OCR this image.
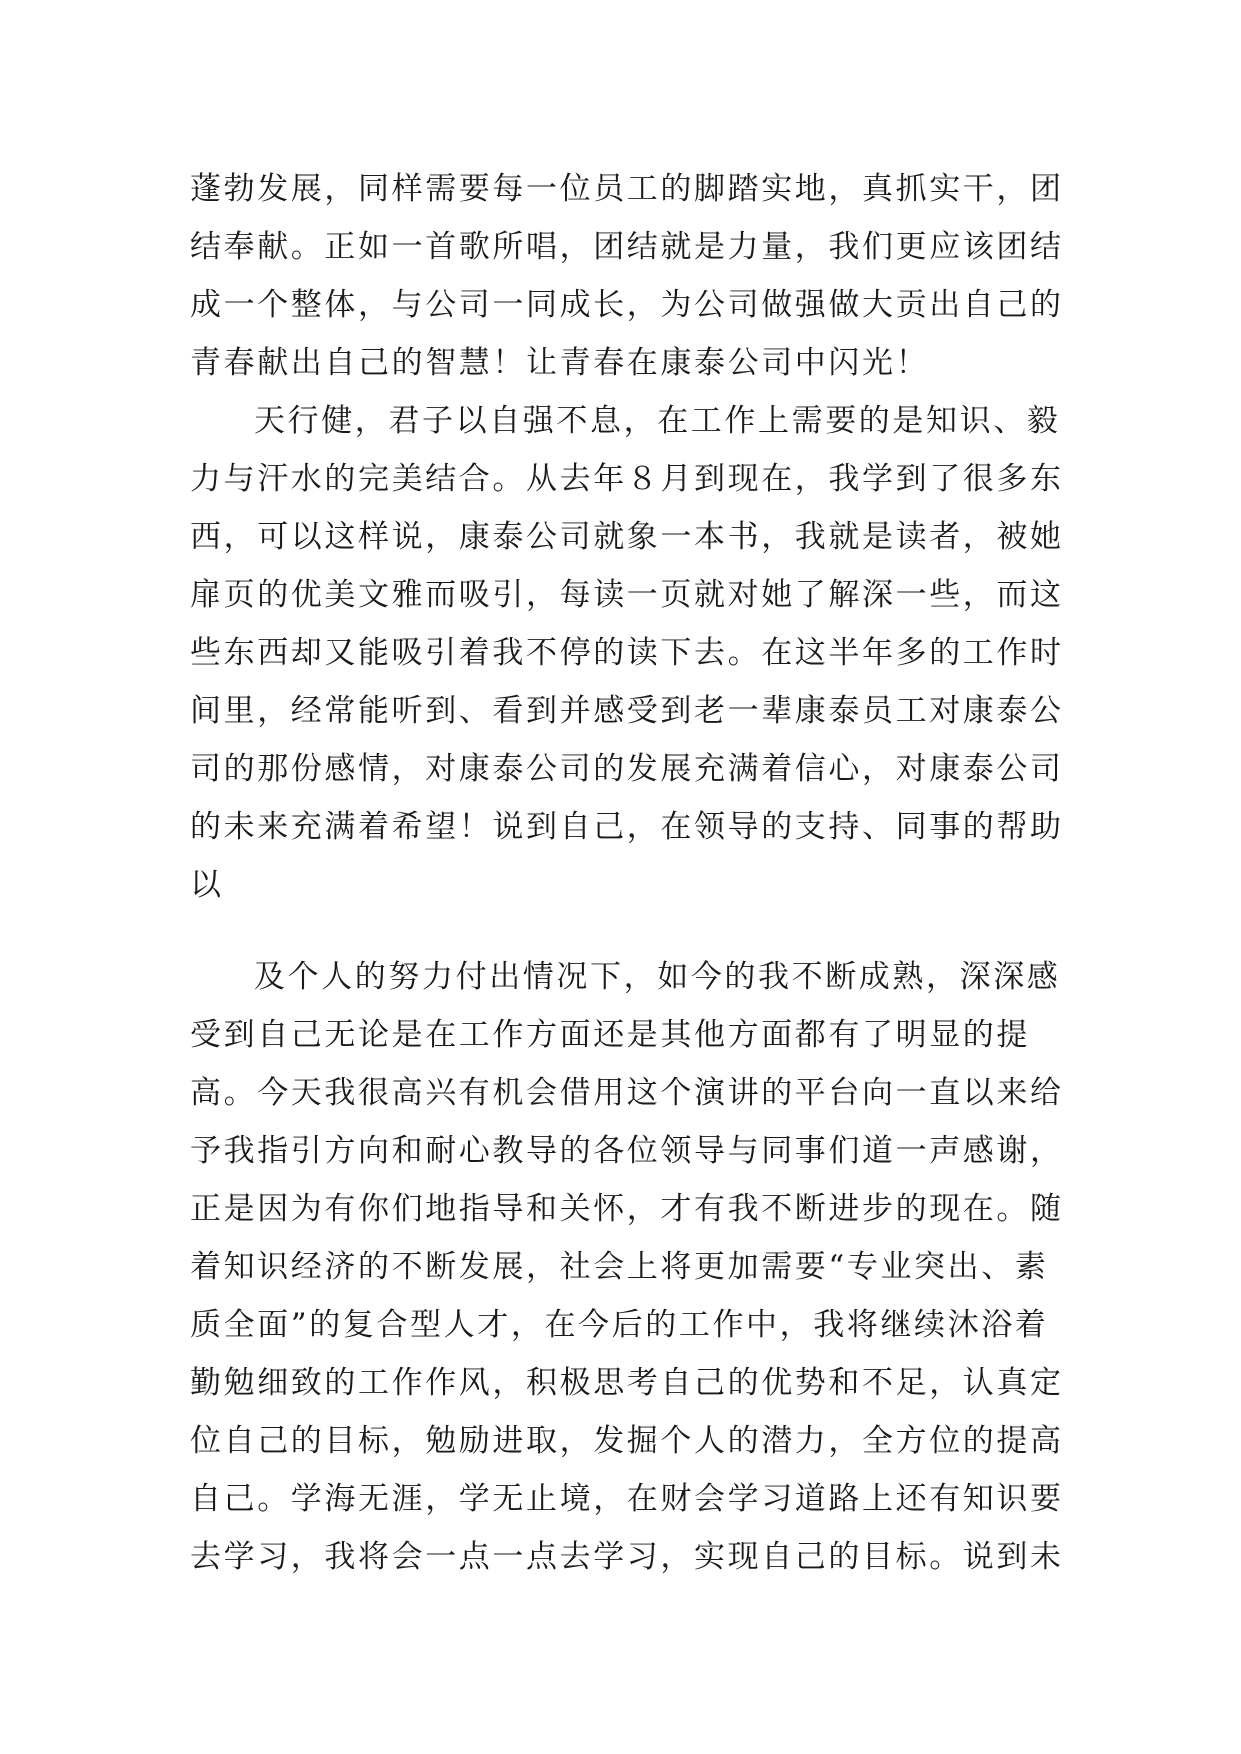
蓬勃发展，同样需要每一位员工的脚踏实地，真抓实干，团
结奉献。正如一首歌所唱，团结就是力量，我们更应该团结
成一个整体，与公司一同成长，为公司做强做大贡出自己的
青春献出自己的智慧！让青春在康泰公司中闪光！
天行健，君子以自强不息，在工作上需要的是知识、毅
力与汗水的完美结合。从去年８月到现在，我学到了很多东
西，可以这样说，康泰公司就象一本书，我就是读者，被她
扉页的优美文雅而吸引，每读一页就对她了解深一些，而这
些东西却又能吸引着我不停的读下去。在这半年多的工作时
间里，经常能听到、看到并感受到老一辈康泰员工对康泰公
司的那份感情，对康泰公司的发展充满着信心，对康泰公司
的未来充满着希望！说到自己，在领导的支持、同事的帮助
以
及个人的努力付出情况下，如今的我不断成熟，深深感
受到自己无论是在工作方面还是其他方面都有了明显的提
高。今天我很高兴有机会借用这个演讲的平台向一直以来给
予我指引方向和耐心教导的各位领导与同事们道一声感谢，
正是因为有你们地指导和关怀，才有我不断进步的现在。随
着知识经济的不断发展，社会上将更加需要“专业突出、素
质全面”的复合型人才，在今后的工作中，我将继续沐浴着
勤勉细致的工作作风，积极思考自己的优势和不足，认真定
位自己的目标，勉励进取，发掘个人的潜力，全方位的提高
自己。学海无涯，学无止境，在财会学习道路上还有知识要
去学习，我将会一点一点去学习，实现自己的目标。说到未
